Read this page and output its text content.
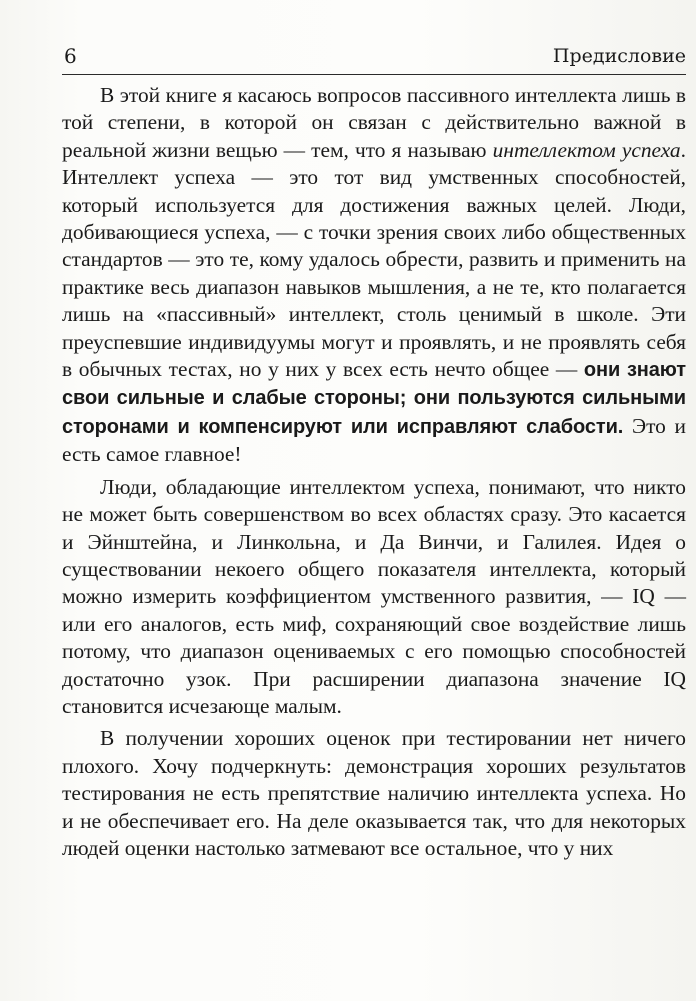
6	Предисловие

В этой книге я касаюсь вопросов пассивного интеллекта лишь в той степени, в которой он связан с действительно важной в реальной жизни вещью — тем, что я называю интеллектом успеха. Интеллект успеха — это тот вид умственных способностей, который используется для достижения важных целей. Люди, добивающиеся успеха, — с точки зрения своих либо общественных стандартов — это те, кому удалось обрести, развить и применить на практике весь диапазон навыков мышления, а не те, кто полагается лишь на «пассивный» интеллект, столь ценимый в школе. Эти преуспевшие индивидуумы могут и проявлять, и не проявлять себя в обычных тестах, но у них у всех есть нечто общее — они знают свои сильные и слабые стороны; они пользуются сильными сторонами и компенсируют или исправляют слабости. Это и есть самое главное!

Люди, обладающие интеллектом успеха, понимают, что никто не может быть совершенством во всех областях сразу. Это касается и Эйнштейна, и Линкольна, и Да Винчи, и Галилея. Идея о существовании некоего общего показателя интеллекта, который можно измерить коэффициентом умственного развития, — IQ — или его аналогов, есть миф, сохраняющий свое воздействие лишь потому, что диапазон оцениваемых с его помощью способностей достаточно узок. При расширении диапазона значение IQ становится исчезающе малым.

В получении хороших оценок при тестировании нет ничего плохого. Хочу подчеркнуть: демонстрация хороших результатов тестирования не есть препятствие наличию интеллекта успеха. Но и не обеспечивает его. На деле оказывается так, что для некоторых людей оценки настолько затмевают все остальное, что у них
